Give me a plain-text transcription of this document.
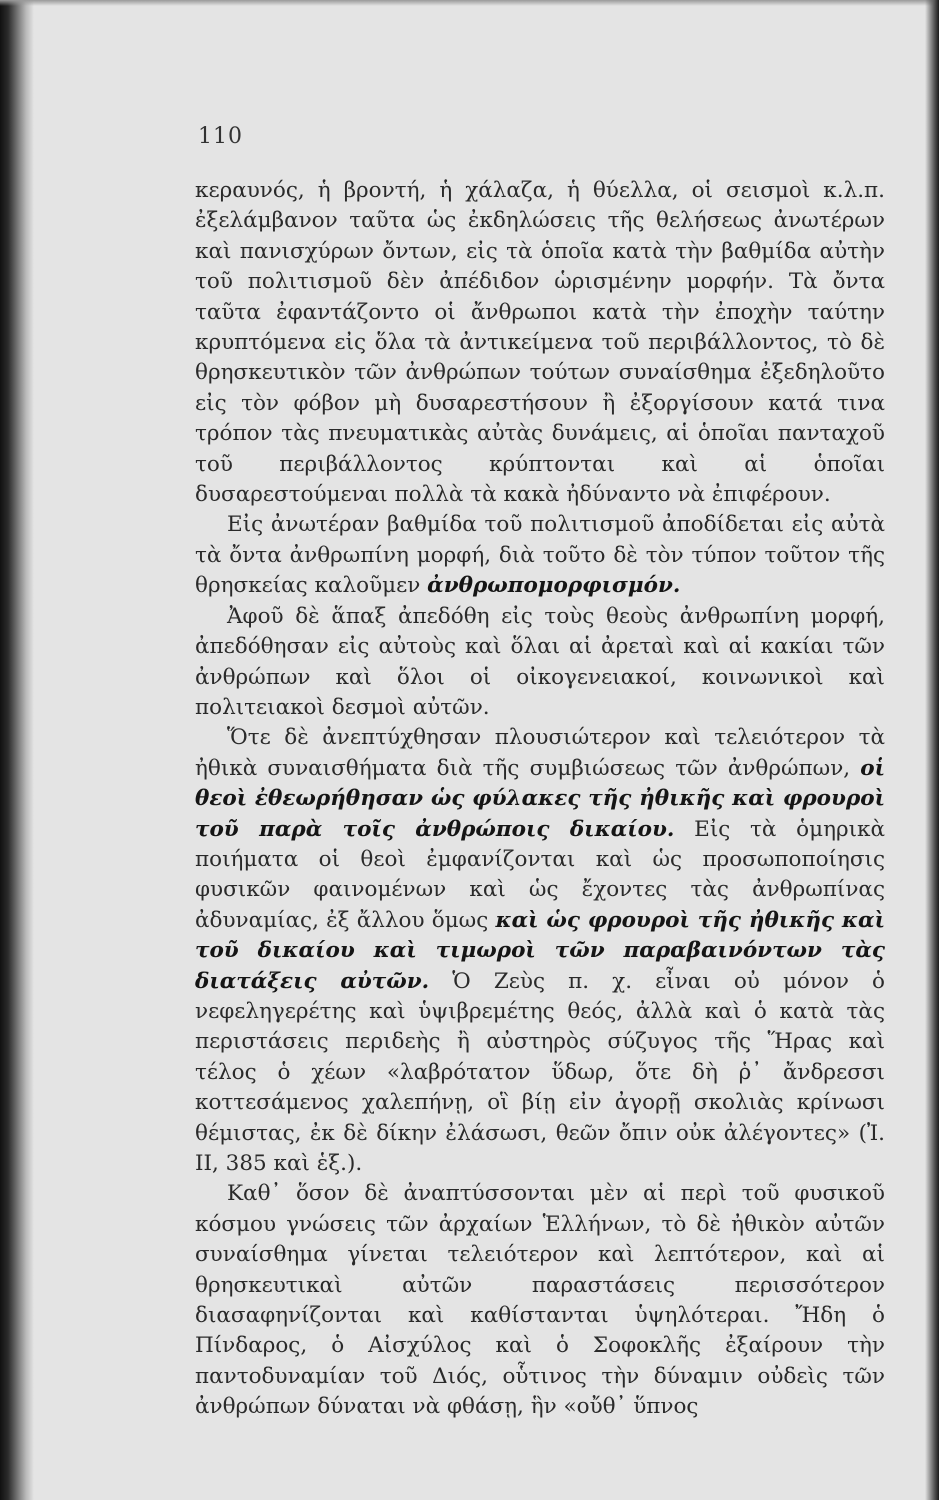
110

κεραυνός, ἡ βροντή, ἡ χάλαζα, ἡ θύελλα, οἱ σεισμοὶ κ.λ.π. ἐξελάμβανον ταῦτα ὡς ἐκδηλώσεις τῆς θελήσεως ἀνωτέρων καὶ πανισχύρων ὄντων, εἰς τὰ ὁποῖα κατὰ τὴν βαθμίδα αὐτὴν τοῦ πολιτισμοῦ δὲν ἀπέδιδον ὡρισμένην μορφήν. Τὰ ὄντα ταῦτα ἐφαντάζοντο οἱ ἄνθρωποι κατὰ τὴν ἐποχὴν ταύτην κρυπτόμενα εἰς ὅλα τὰ ἀντικείμενα τοῦ περιβάλλοντος, τὸ δὲ θρησκευτικὸν τῶν ἀνθρώπων τούτων συναίσθημα ἐξεδηλοῦτο εἰς τὸν φόβον μὴ δυσαρεστήσουν ἢ ἐξοργίσουν κατά τινα τρόπον τὰς πνευματικὰς αὐτὰς δυνάμεις, αἱ ὁποῖαι πανταχοῦ τοῦ περιβάλλοντος κρύπτονται καὶ αἱ ὁποῖαι δυσαρεστούμεναι πολλὰ τὰ κακὰ ἠδύναντο νὰ ἐπιφέρουν.

Εἰς ἀνωτέραν βαθμίδα τοῦ πολιτισμοῦ ἀποδίδεται εἰς αὐτὰ τὰ ὄντα ἀνθρωπίνη μορφή, διὰ τοῦτο δὲ τὸν τύπον τοῦτον τῆς θρησκείας καλοῦμεν ἀνθρωπομορφισμόν.

Ἀφοῦ δὲ ἅπαξ ἀπεδόθη εἰς τοὺς θεοὺς ἀνθρωπίνη μορφή, ἀπεδόθησαν εἰς αὐτοὺς καὶ ὅλαι αἱ ἀρεταὶ καὶ αἱ κακίαι τῶν ἀνθρώπων καὶ ὅλοι οἱ οἰκογενειακοί, κοινωνικοὶ καὶ πολιτειακοὶ δεσμοὶ αὐτῶν.

Ὅτε δὲ ἀνεπτύχθησαν πλουσιώτερον καὶ τελειότερον τὰ ἠθικὰ συναισθήματα διὰ τῆς συμβιώσεως τῶν ἀνθρώπων, οἱ θεοὶ ἐθεωρήθησαν ὡς φύλακες τῆς ἠθικῆς καὶ φρουροὶ τοῦ παρὰ τοῖς ἀνθρώποις δικαίου. Εἰς τὰ ὁμηρικὰ ποιήματα οἱ θεοὶ ἐμφανίζονται καὶ ὡς προσωποποίησις φυσικῶν φαινομένων καὶ ὡς ἔχοντες τὰς ἀνθρωπίνας ἀδυναμίας, ἐξ ἄλλου ὅμως καὶ ὡς φρουροὶ τῆς ἠθικῆς καὶ τοῦ δικαίου καὶ τιμωροὶ τῶν παραβαινόντων τὰς διατάξεις αὐτῶν. Ὁ Ζεὺς π. χ. εἶναι οὐ μόνον ὁ νεφεληγερέτης καὶ ὑψιβρεμέτης θεός, ἀλλὰ καὶ ὁ κατὰ τὰς περιστάσεις περιδεὴς ἢ αὐστηρὸς σύζυγος τῆς Ἥρας καὶ τέλος ὁ χέων «λαβρότατον ὕδωρ, ὅτε δὴ ῥ᾽ ἄνδρεσσι κοττεσάμενος χαλεπήνῃ, οἳ βίῃ εἰν ἀγορῇ σκολιὰς κρίνωσι θέμιστας, ἐκ δὲ δίκην ἐλάσωσι, θεῶν ὄπιν οὐκ ἀλέγοντες» (Ἰ. II, 385 καὶ ἑξ.).

Καθ᾽ ὅσον δὲ ἀναπτύσσονται μὲν αἱ περὶ τοῦ φυσικοῦ κόσμου γνώσεις τῶν ἀρχαίων Ἑλλήνων, τὸ δὲ ἠθικὸν αὐτῶν συναίσθημα γίνεται τελειότερον καὶ λεπτότερον, καὶ αἱ θρησκευτικαὶ αὐτῶν παραστάσεις περισσότερον διασαφηνίζονται καὶ καθίστανται ὑψηλότεραι. Ἤδη ὁ Πίνδαρος, ὁ Αἰσχύλος καὶ ὁ Σοφοκλῆς ἐξαίρουν τὴν παντοδυναμίαν τοῦ Διός, οὗτινος τὴν δύναμιν οὐδεὶς τῶν ἀνθρώπων δύναται νὰ φθάσῃ, ἣν «οὔθ᾽ ὕπνος
